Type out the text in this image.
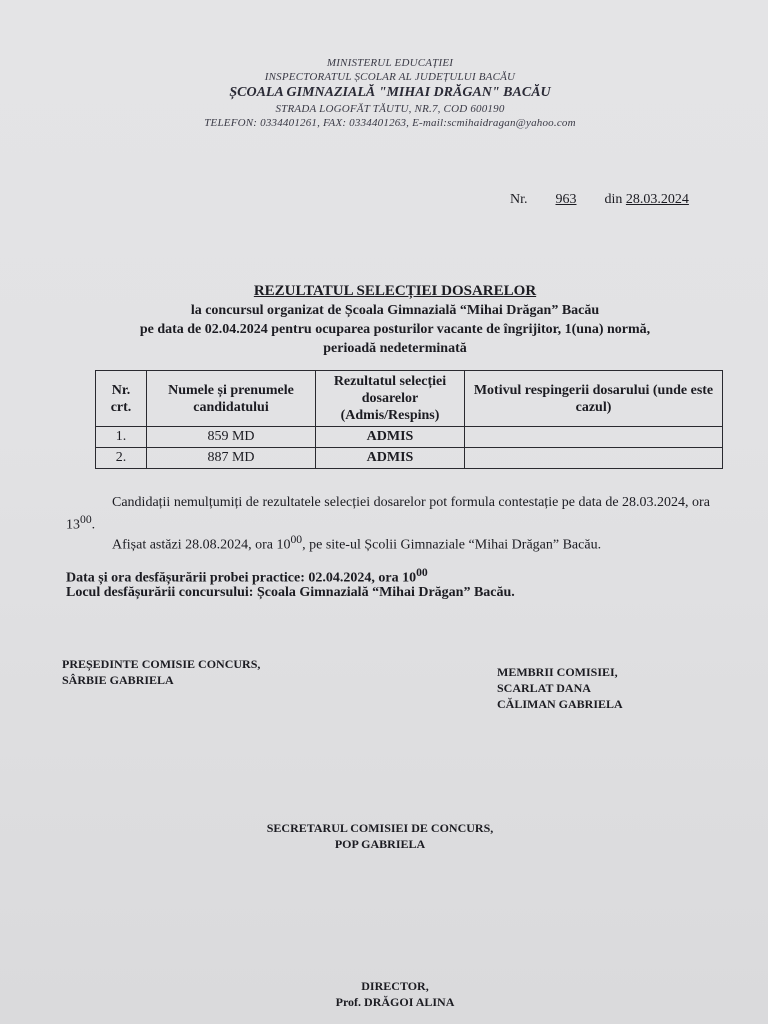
MINISTERUL EDUCAȚIEI
INSPECTORATUL ȘCOLAR AL JUDEȚULUI BACĂU
ȘCOALA GIMNAZIALĂ "MIHAI DRĂGAN" BACĂU
STRADA LOGOFĂT TĂUTU, NR.7, COD 600190
TELEFON: 0334401261, FAX: 0334401263, E-mail:scmihaidragan@yahoo.com
Nr. 963 din 28.03.2024
REZULTATUL SELECȚIEI DOSARELOR
la concursul organizat de Școala Gimnazială “Mihai Drăgan” Bacău
pe data de 02.04.2024 pentru ocuparea posturilor vacante de îngrijitor, 1(una) normă,
perioadă nedeterminată
Nr. crt.	Numele și prenumele candidatului	Rezultatul selecției dosarelor (Admis/Respins)	Motivul respingerii dosarului (unde este cazul)
1.	859 MD	ADMIS	
2.	887 MD	ADMIS	
Candidații nemulțumiți de rezultatele selecției dosarelor pot formula contestație pe data de 28.03.2024, ora $13^{00}$.
Afișat astăzi 28.08.2024, ora $10^{00}$, pe site-ul Școlii Gimnaziale “Mihai Drăgan” Bacău.
Data și ora desfășurării probei practice: 02.04.2024, ora $10^{00}$
Locul desfășurării concursului: Școala Gimnazială “Mihai Drăgan” Bacău.
PREȘEDINTE COMISIE CONCURS,
SÂRBIE GABRIELA
MEMBRII COMISIEI,
SCARLAT DANA
CĂLIMAN GABRIELA
SECRETARUL COMISIEI DE CONCURS,
POP GABRIELA
DIRECTOR,
Prof. DRĂGOI ALINA
